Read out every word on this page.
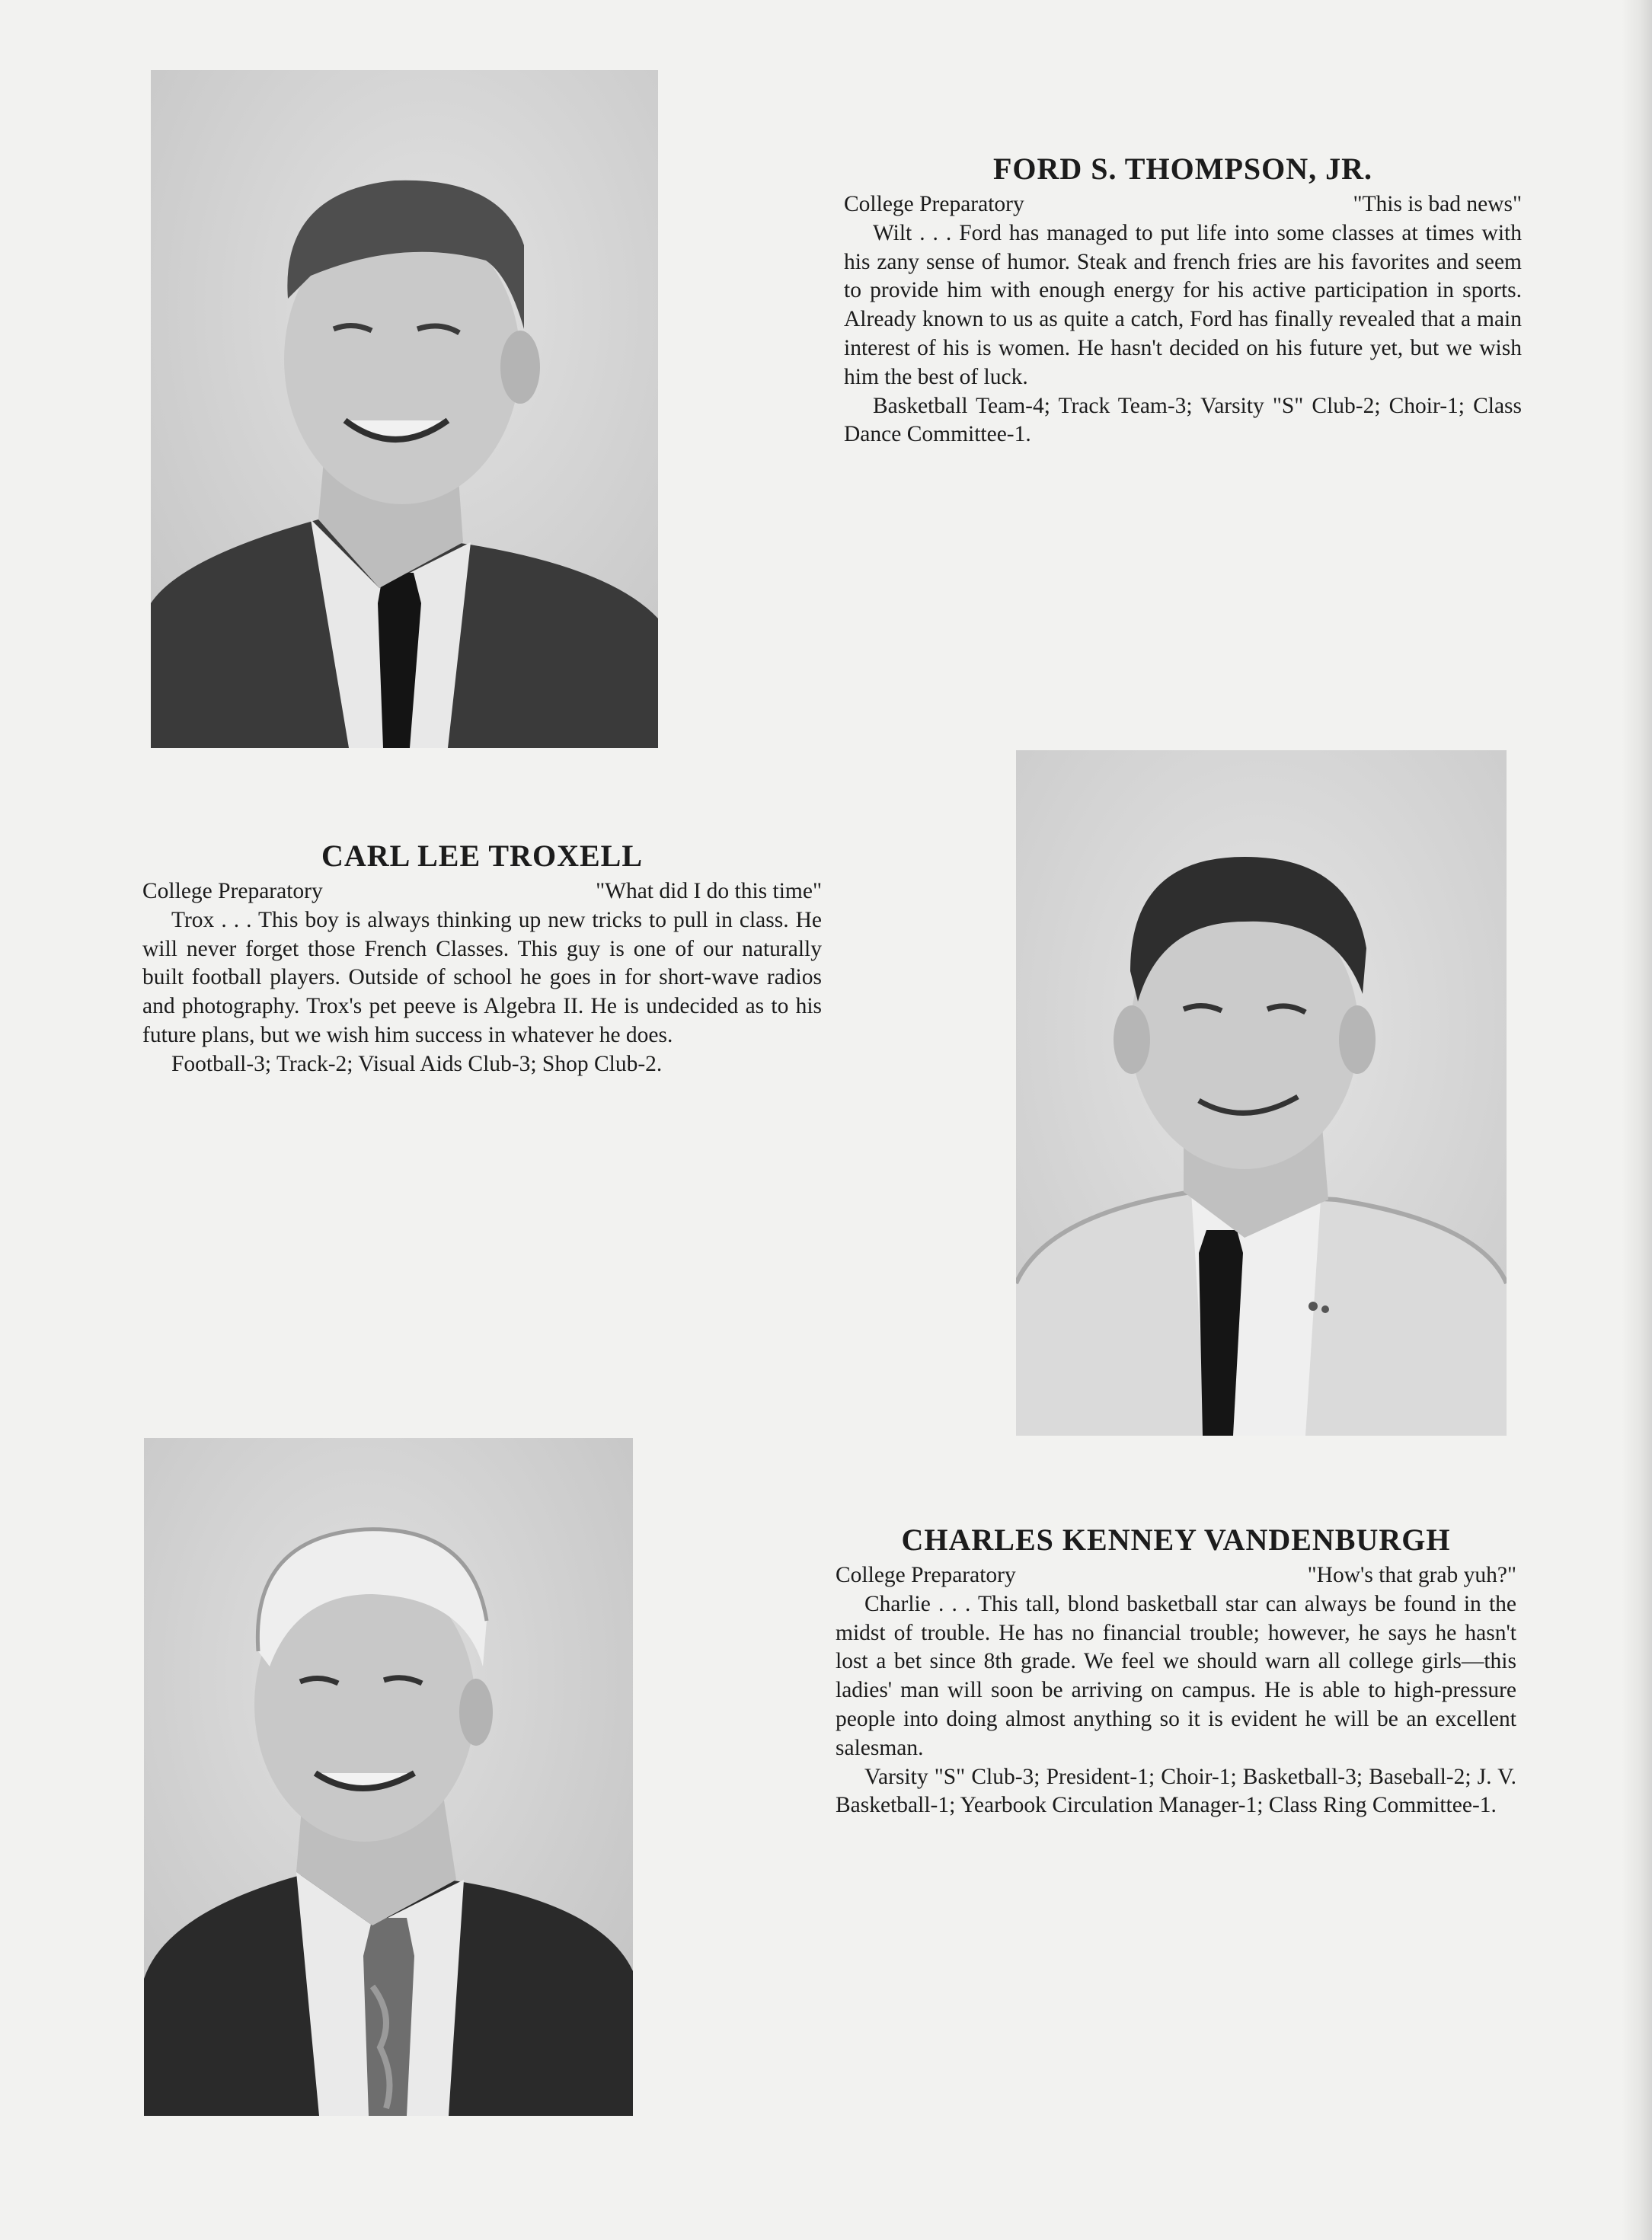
FORD S. THOMPSON, JR.
College Preparatory	"This is bad news"

Wilt . . . Ford has managed to put life into some classes at times with his zany sense of humor. Steak and french fries are his favorites and seem to provide him with enough energy for his active participation in sports. Already known to us as quite a catch, Ford has finally revealed that a main interest of his is women. He hasn't decided on his future yet, but we wish him the best of luck.

Basketball Team-4; Track Team-3; Varsity "S" Club-2; Choir-1; Class Dance Committee-1.

CARL LEE TROXELL
College Preparatory	"What did I do this time"

Trox . . . This boy is always thinking up new tricks to pull in class. He will never forget those French Classes. This guy is one of our naturally built football players. Outside of school he goes in for short-wave radios and photography. Trox's pet peeve is Algebra II. He is undecided as to his future plans, but we wish him success in whatever he does.

Football-3; Track-2; Visual Aids Club-3; Shop Club-2.

CHARLES KENNEY VANDENBURGH
College Preparatory	"How's that grab yuh?"

Charlie . . . This tall, blond basketball star can always be found in the midst of trouble. He has no financial trouble; however, he says he hasn't lost a bet since 8th grade. We feel we should warn all college girls—this ladies' man will soon be arriving on campus. He is able to high-pressure people into doing almost anything so it is evident he will be an excellent salesman.

Varsity "S" Club-3; President-1; Choir-1; Basketball-3; Baseball-2; J. V. Basketball-1; Yearbook Circulation Manager-1; Class Ring Committee-1.
